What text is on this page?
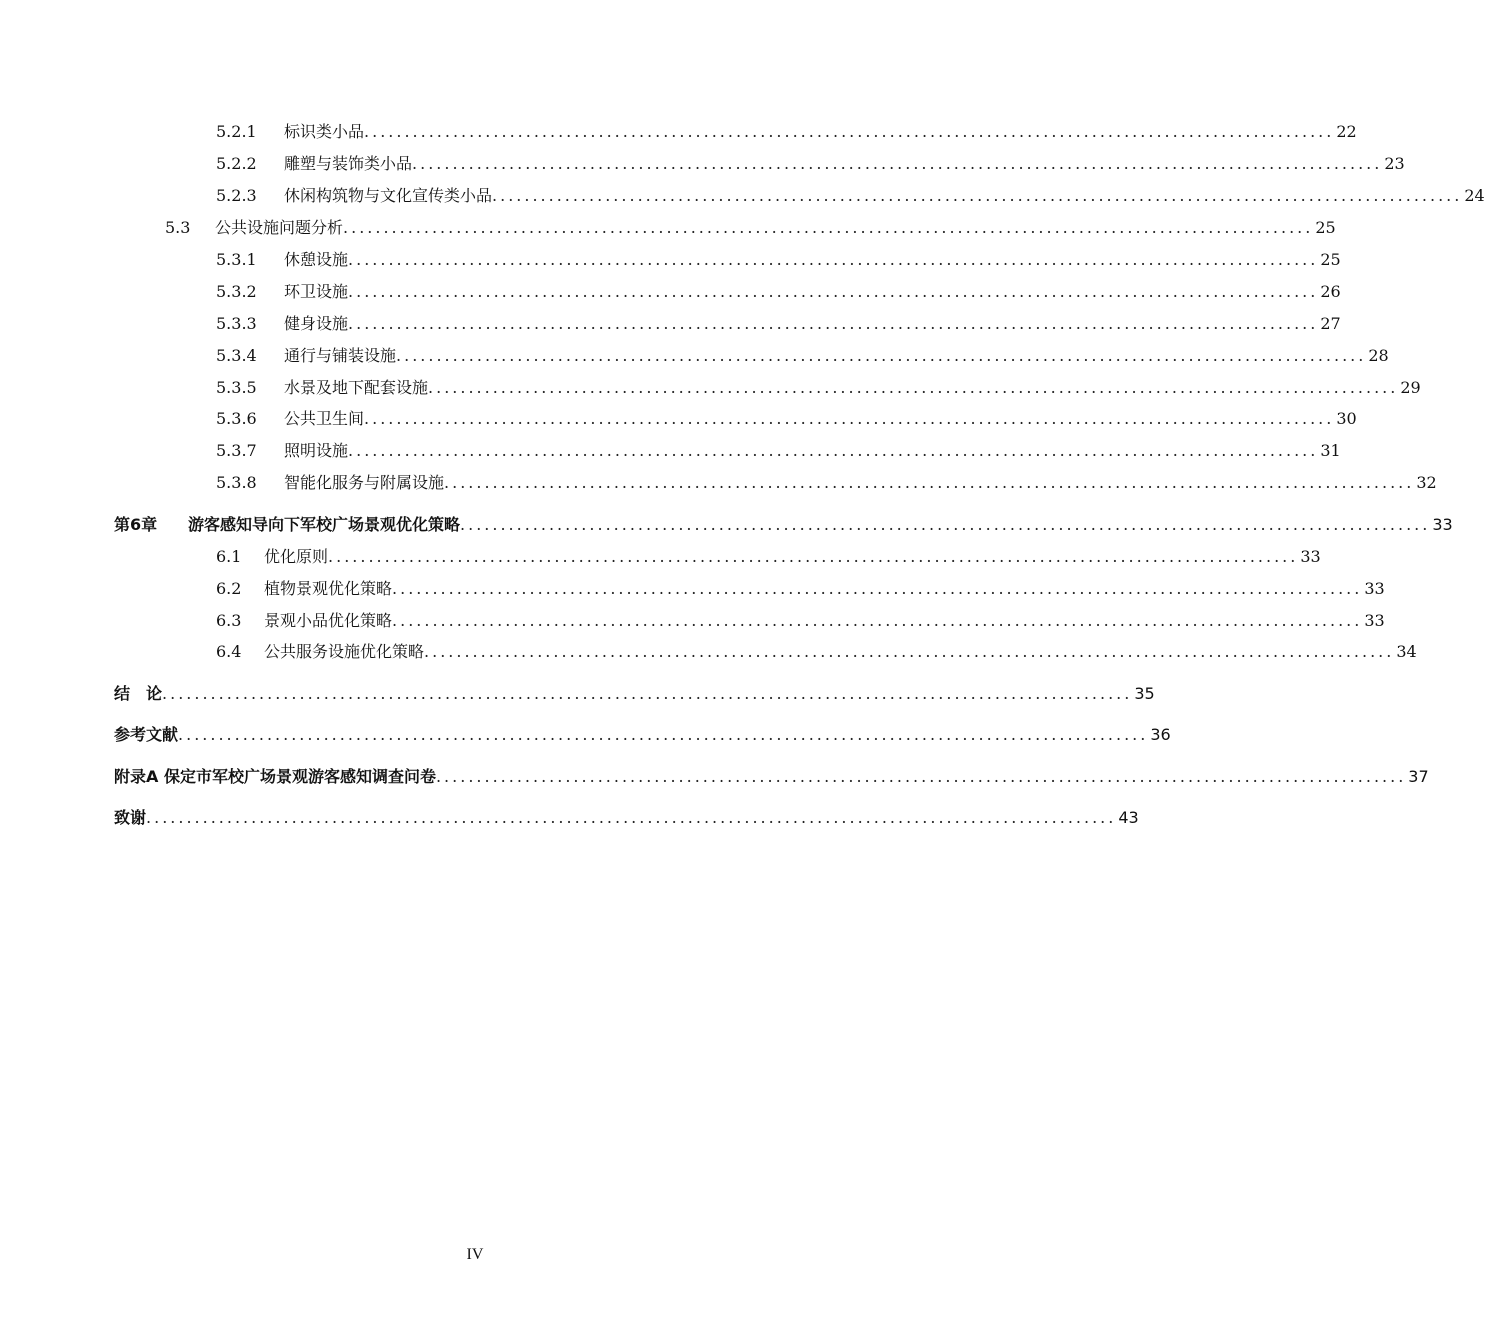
5.2.1	标识类小品 ........................................................................................................................ 22
5.2.2	雕塑与装饰类小品 ........................................................................................................................ 23
5.2.3	休闲构筑物与文化宣传类小品 ........................................................................................................................ 24
5.3	公共设施问题分析 ........................................................................................................................ 25
5.3.1	休憩设施 ........................................................................................................................ 25
5.3.2	环卫设施 ........................................................................................................................ 26
5.3.3	健身设施 ........................................................................................................................ 27
5.3.4	通行与铺装设施 ........................................................................................................................ 28
5.3.5	水景及地下配套设施 ........................................................................................................................ 29
5.3.6	公共卫生间 ........................................................................................................................ 30
5.3.7	照明设施 ........................................................................................................................ 31
5.3.8	智能化服务与附属设施 ........................................................................................................................ 32
第6章	游客感知导向下军校广场景观优化策略 ........................................................................................................................ 33
6.1	优化原则 ........................................................................................................................ 33
6.2	植物景观优化策略 ........................................................................................................................ 33
6.3	景观小品优化策略 ........................................................................................................................ 33
6.4	公共服务设施优化策略 ........................................................................................................................ 34
结　论 ........................................................................................................................ 35
参考文献 ........................................................................................................................ 36
附录A 保定市军校广场景观游客感知调查问卷 ........................................................................................................................ 37
致谢 ........................................................................................................................ 43
IV
